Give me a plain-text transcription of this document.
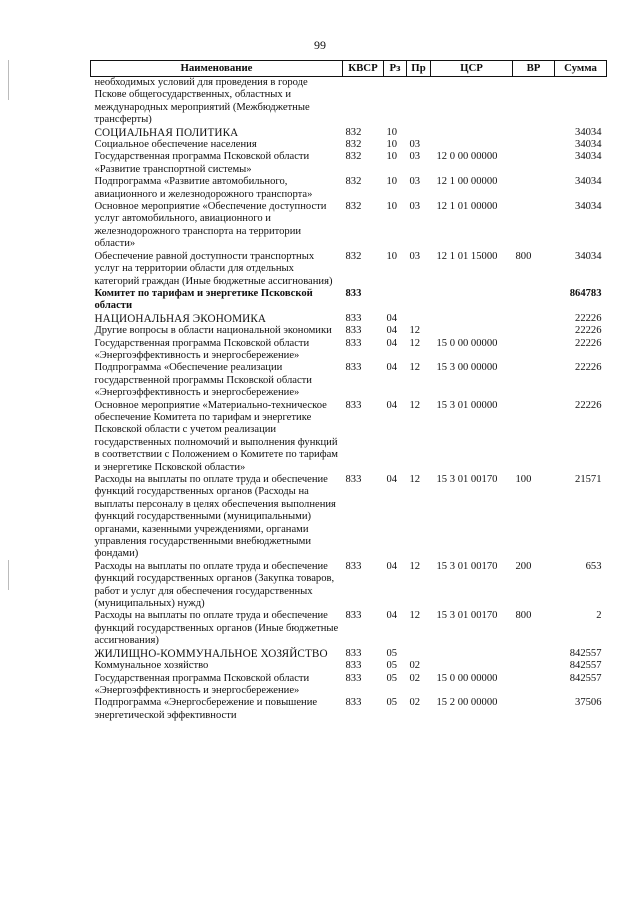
99
Наименование	КВСР	Рз	Пр	ЦСР	ВР	Сумма
необходимых условий для проведения в городе Пскове общегосударственных, областных и международных мероприятий (Межбюджетные трансферты)						
СОЦИАЛЬНАЯ ПОЛИТИКА	832	10				34034
Социальное обеспечение населения	832	10	03			34034
Государственная программа Псковской области «Развитие транспортной системы»	832	10	03	12 0 00 00000		34034
Подпрограмма «Развитие автомобильного, авиационного и железнодорожного транспорта»	832	10	03	12 1 00 00000		34034
Основное мероприятие «Обеспечение доступности услуг автомобильного, авиационного и железнодорожного транспорта на территории области»	832	10	03	12 1 01 00000		34034
Обеспечение равной доступности транспортных услуг на территории области для отдельных категорий граждан (Иные бюджетные ассигнования)	832	10	03	12 1 01 15000	800	34034
Комитет по тарифам и энергетике Псковской области	833					864783
НАЦИОНАЛЬНАЯ ЭКОНОМИКА	833	04				22226
Другие вопросы в области национальной экономики	833	04	12			22226
Государственная программа Псковской области «Энергоэффективность и энергосбережение»	833	04	12	15 0 00 00000		22226
Подпрограмма «Обеспечение реализации государственной программы Псковской области «Энергоэффективность и энергосбережение»	833	04	12	15 3 00 00000		22226
Основное мероприятие «Материально-техническое обеспечение Комитета по тарифам и энергетике Псковской области с учетом реализации государственных полномочий и выполнения функций в соответствии с Положением о Комитете по тарифам и энергетике Псковской области»	833	04	12	15 3 01 00000		22226
Расходы на выплаты по оплате труда и обеспечение функций государственных органов (Расходы на выплаты персоналу в целях обеспечения выполнения функций государственными (муниципальными) органами, казенными учреждениями, органами управления государственными внебюджетными фондами)	833	04	12	15 3 01 00170	100	21571
Расходы на выплаты по оплате труда и обеспечение функций государственных органов (Закупка товаров, работ и услуг для обеспечения государственных (муниципальных) нужд)	833	04	12	15 3 01 00170	200	653
Расходы на выплаты по оплате труда и обеспечение функций государственных органов (Иные бюджетные ассигнования)	833	04	12	15 3 01 00170	800	2
ЖИЛИЩНО-КОММУНАЛЬНОЕ ХОЗЯЙСТВО	833	05				842557
Коммунальное хозяйство	833	05	02			842557
Государственная программа Псковской области «Энергоэффективность и энергосбережение»	833	05	02	15 0 00 00000		842557
Подпрограмма «Энергосбережение и повышение энергетической эффективности	833	05	02	15 2 00 00000		37506
